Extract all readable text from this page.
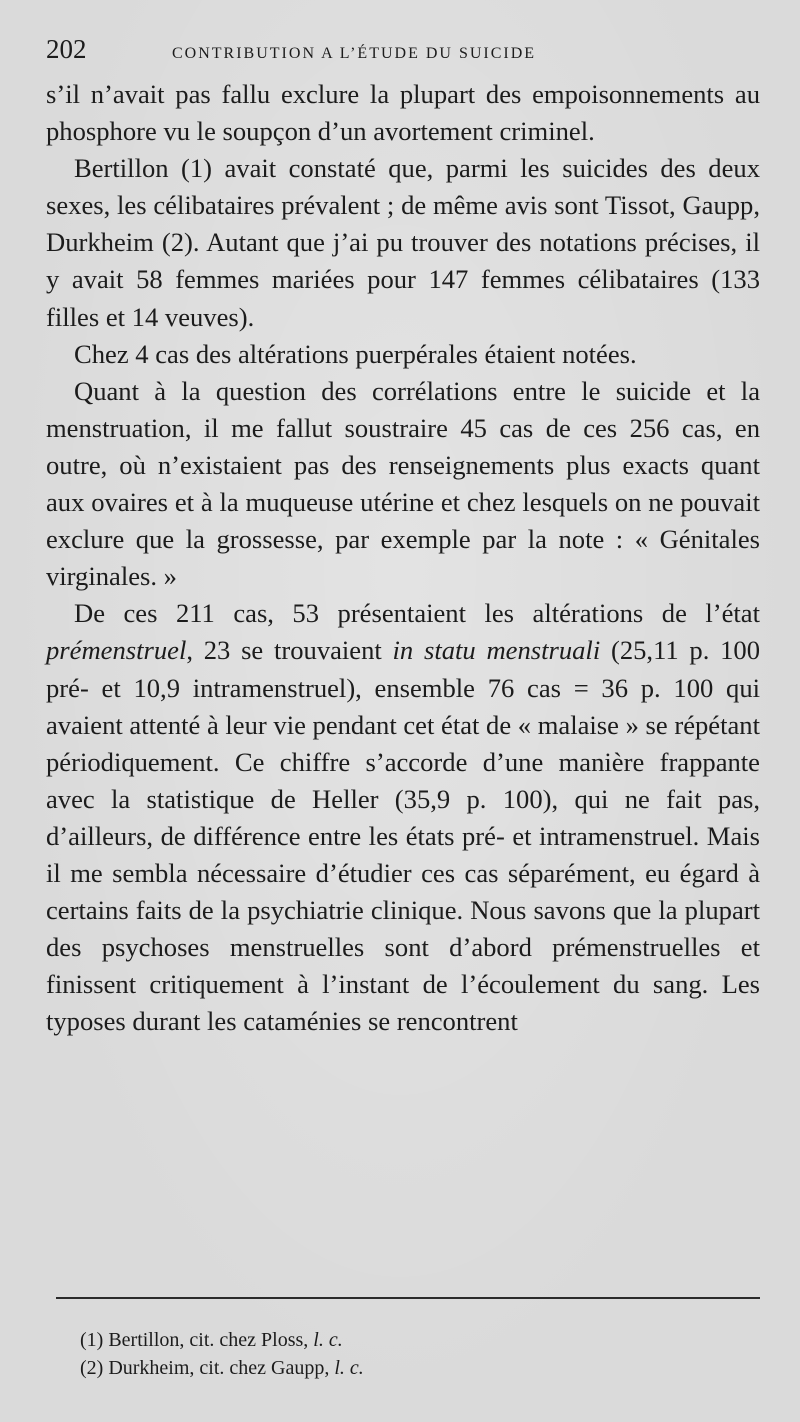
202	CONTRIBUTION A L’ÉTUDE DU SUICIDE

s’il n’avait pas fallu exclure la plupart des empoisonnements au phosphore vu le soupçon d’un avortement criminel.

Bertillon (1) avait constaté que, parmi les suicides des deux sexes, les célibataires prévalent ; de même avis sont Tissot, Gaupp, Durkheim (2). Autant que j’ai pu trouver des notations précises, il y avait 58 femmes mariées pour 147 femmes célibataires (133 filles et 14 veuves).

Chez 4 cas des altérations puerpérales étaient notées.

Quant à la question des corrélations entre le suicide et la menstruation, il me fallut soustraire 45 cas de ces 256 cas, en outre, où n’existaient pas des renseignements plus exacts quant aux ovaires et à la muqueuse utérine et chez lesquels on ne pouvait exclure que la grossesse, par exemple par la note : « Génitales virginales. »

De ces 211 cas, 53 présentaient les altérations de l’état prémenstruel, 23 se trouvaient in statu menstruali (25,11 p. 100 pré- et 10,9 intramenstruel), ensemble 76 cas = 36 p. 100 qui avaient attenté à leur vie pendant cet état de « malaise » se répétant périodiquement. Ce chiffre s’accorde d’une manière frappante avec la statistique de Heller (35,9 p. 100), qui ne fait pas, d’ailleurs, de différence entre les états pré- et intramenstruel. Mais il me sembla nécessaire d’étudier ces cas séparément, eu égard à certains faits de la psychiatrie clinique. Nous savons que la plupart des psychoses menstruelles sont d’abord prémenstruelles et finissent critiquement à l’instant de l’écoulement du sang. Les typoses durant les cataménies se rencontrent

(1) Bertillon, cit. chez Ploss, l. c.
(2) Durkheim, cit. chez Gaupp, l. c.
